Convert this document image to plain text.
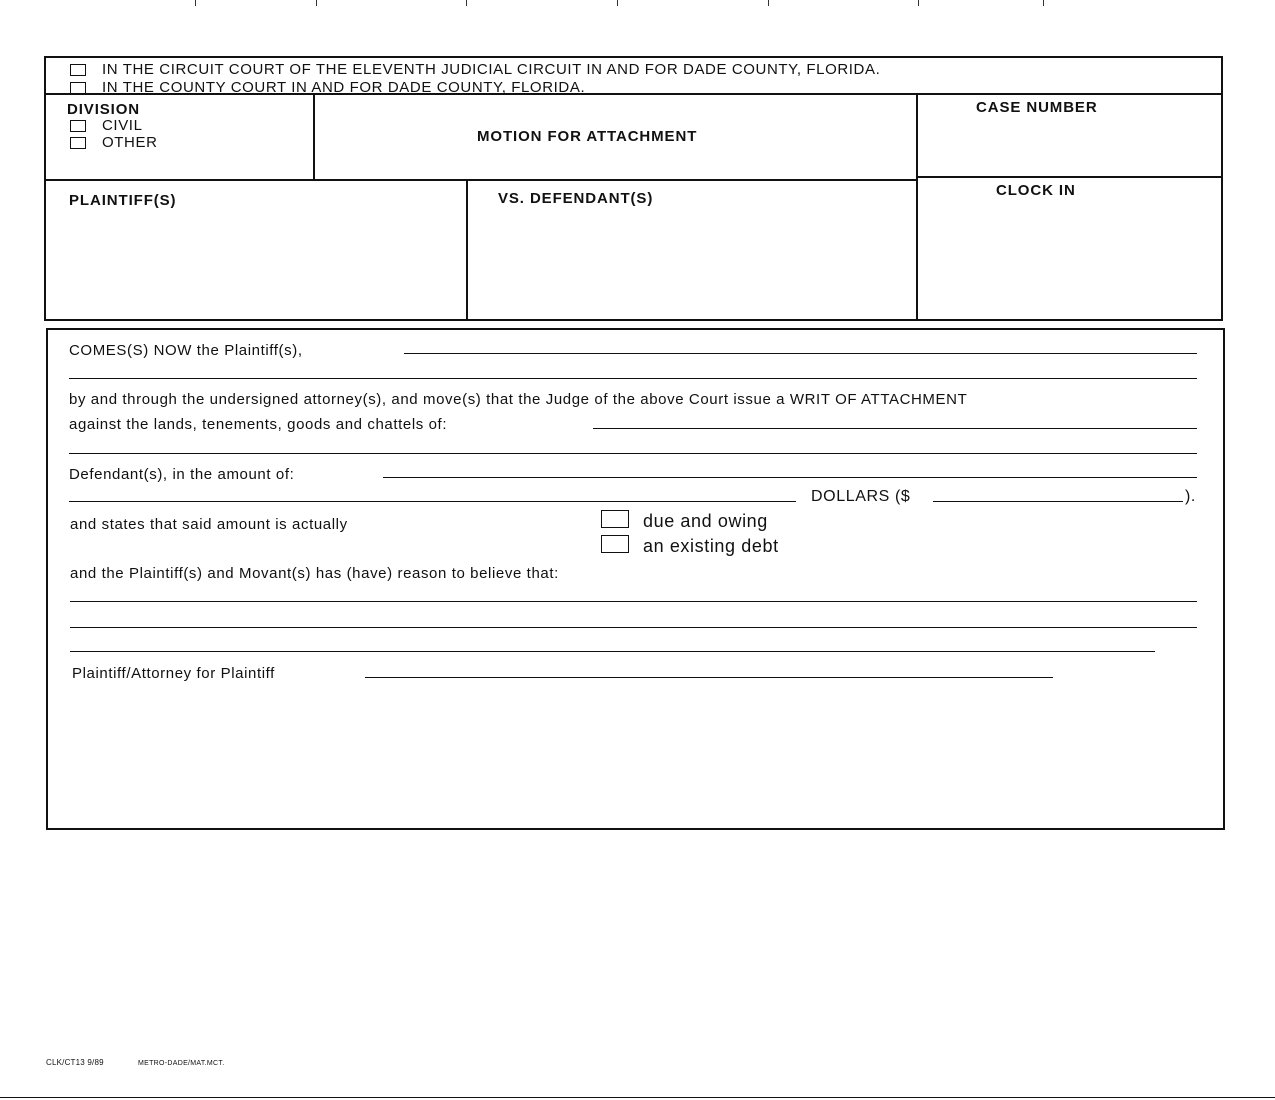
IN THE CIRCUIT COURT OF THE ELEVENTH JUDICIAL CIRCUIT IN AND FOR DADE COUNTY, FLORIDA.
IN THE COUNTY COURT IN AND FOR DADE COUNTY, FLORIDA.
DIVISION
CIVIL
OTHER	MOTION FOR ATTACHMENT
CASE NUMBER
PLAINTIFF(S)	VS. DEFENDANT(S)	CLOCK IN
COMES(S) NOW the Plaintiff(s),
by and through the undersigned attorney(s), and move(s) that the Judge of the above Court issue a WRIT OF ATTACHMENT
against the lands, tenements, goods and chattels of:
Defendant(s), in the amount of:
DOLLARS ($	).
and states that said amount is actually	due and owing
an existing debt
and the Plaintiff(s) and Movant(s) has (have) reason to believe that:
Plaintiff/Attorney for Plaintiff
CLK/CT13 9/89	METRO-DADE/MAT.MCT.
